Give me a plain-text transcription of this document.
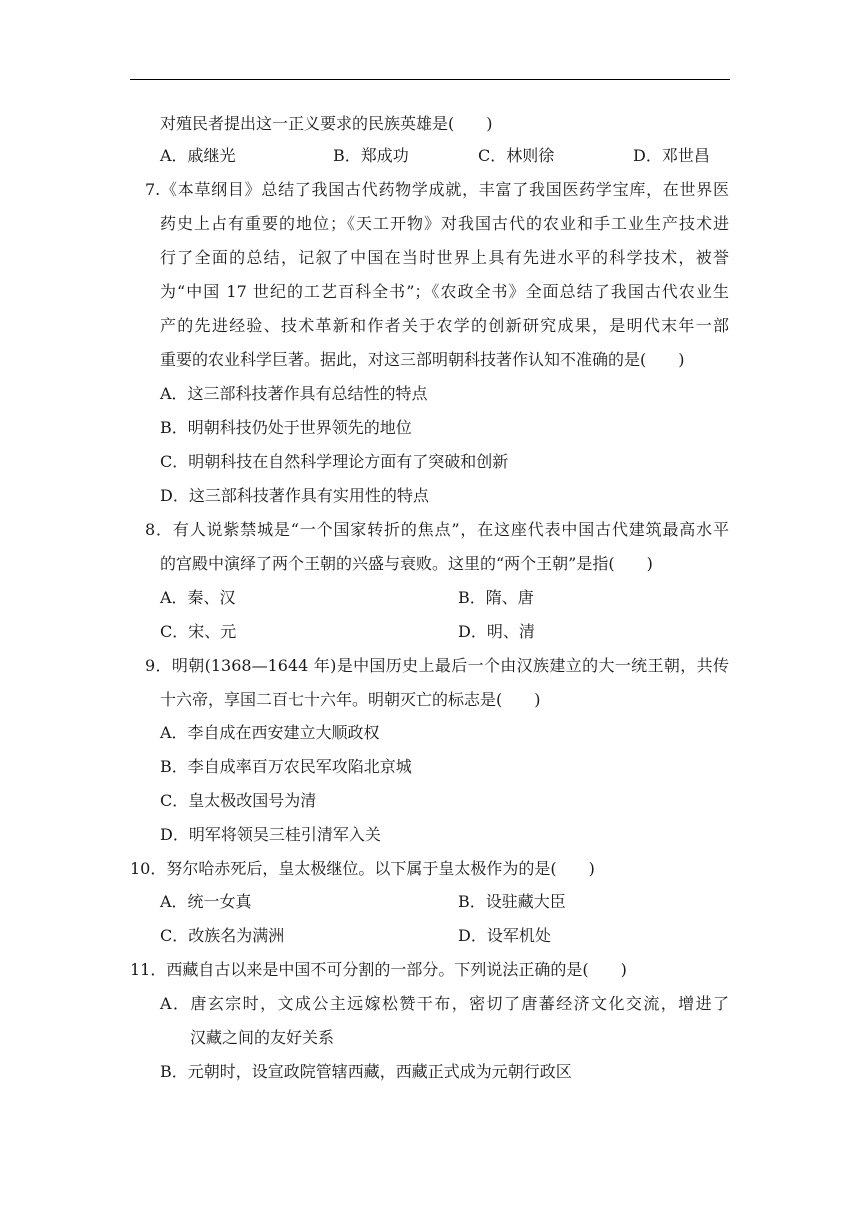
对殖民者提出这一正义要求的民族英雄是(　　)
A．戚继光	B．郑成功	C．林则徐	D．邓世昌
7.《本草纲目》总结了我国古代药物学成就，丰富了我国医药学宝库，在世界医
药史上占有重要的地位；《天工开物》对我国古代的农业和手工业生产技术进
行了全面的总结，记叙了中国在当时世界上具有先进水平的科学技术，被誉
为“中国 17 世纪的工艺百科全书”；《农政全书》全面总结了我国古代农业生
产的先进经验、技术革新和作者关于农学的创新研究成果，是明代末年一部
重要的农业科学巨著。据此，对这三部明朝科技著作认知不准确的是(　　)
A．这三部科技著作具有总结性的特点
B．明朝科技仍处于世界领先的地位
C．明朝科技在自然科学理论方面有了突破和创新
D．这三部科技著作具有实用性的特点
8．有人说紫禁城是“一个国家转折的焦点”，在这座代表中国古代建筑最高水平
的宫殿中演绎了两个王朝的兴盛与衰败。这里的“两个王朝”是指(　　)
A．秦、汉	B．隋、唐
C．宋、元	D．明、清
9．明朝(1368—1644 年)是中国历史上最后一个由汉族建立的大一统王朝，共传
十六帝，享国二百七十六年。明朝灭亡的标志是(　　)
A．李自成在西安建立大顺政权
B．李自成率百万农民军攻陷北京城
C．皇太极改国号为清
D．明军将领吴三桂引清军入关
10．努尔哈赤死后，皇太极继位。以下属于皇太极作为的是(　　)
A．统一女真	B．设驻藏大臣
C．改族名为满洲	D．设军机处
11．西藏自古以来是中国不可分割的一部分。下列说法正确的是(　　)
A．唐玄宗时，文成公主远嫁松赞干布，密切了唐蕃经济文化交流，增进了
汉藏之间的友好关系
B．元朝时，设宣政院管辖西藏，西藏正式成为元朝行政区
